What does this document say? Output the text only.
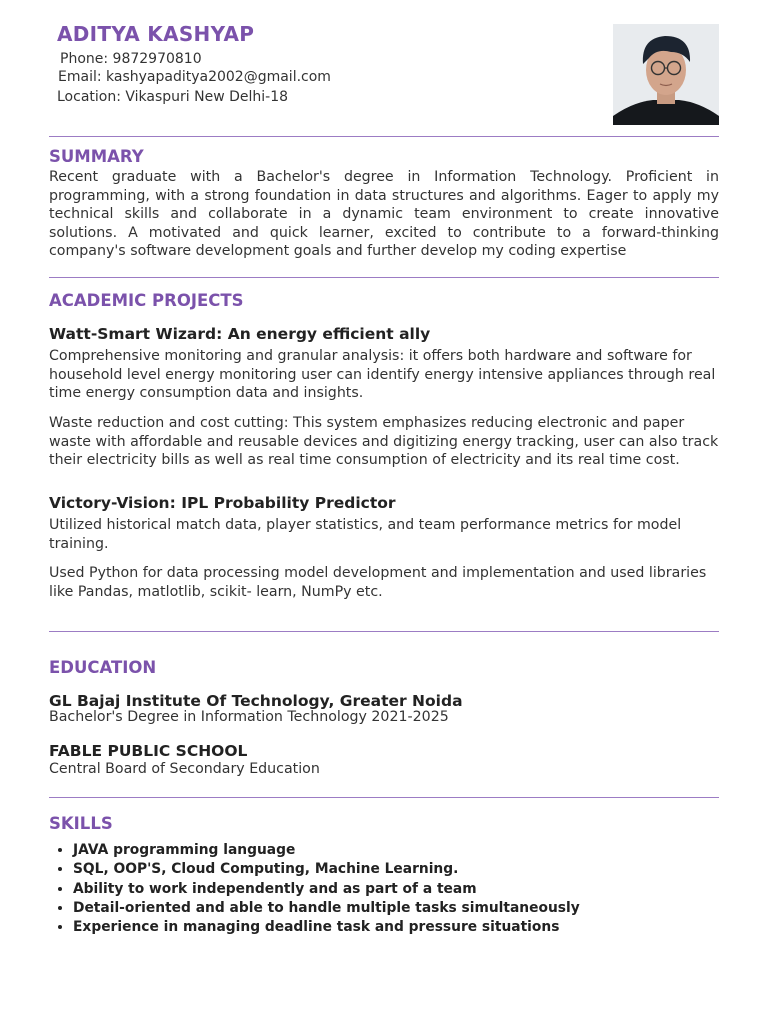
ADITYA KASHYAP
Phone: 9872970810
Email: kashyapaditya2002@gmail.com
Location: Vikaspuri New Delhi-18
SUMMARY
Recent graduate with a Bachelor's degree in Information Technology. Proficient in programming, with a strong foundation in data structures and algorithms. Eager to apply my technical skills and collaborate in a dynamic team environment to create innovative solutions. A motivated and quick learner, excited to contribute to a forward-thinking company's software development goals and further develop my coding expertise
ACADEMIC PROJECTS
Watt-Smart Wizard: An energy efficient ally
Comprehensive monitoring and granular analysis: it offers both hardware and software for household level energy monitoring user can identify energy intensive appliances through real time energy consumption data and insights.
Waste reduction and cost cutting: This system emphasizes reducing electronic and paper waste with affordable and reusable devices and digitizing energy tracking, user can also track their electricity bills as well as real time consumption of electricity and its real time cost.
Victory-Vision: IPL Probability Predictor
Utilized historical match data, player statistics, and team performance metrics for model training.
Used Python for data processing model development and implementation and used libraries like Pandas, matlotlib, scikit- learn, NumPy etc.
EDUCATION
GL Bajaj Institute Of Technology, Greater Noida
Bachelor's Degree in Information Technology 2021-2025
FABLE PUBLIC SCHOOL
Central Board of Secondary Education
SKILLS
• JAVA programming language
• SQL, OOP'S, Cloud Computing, Machine Learning.
• Ability to work independently and as part of a team
• Detail-oriented and able to handle multiple tasks simultaneously
• Experience in managing deadline task and pressure situations
